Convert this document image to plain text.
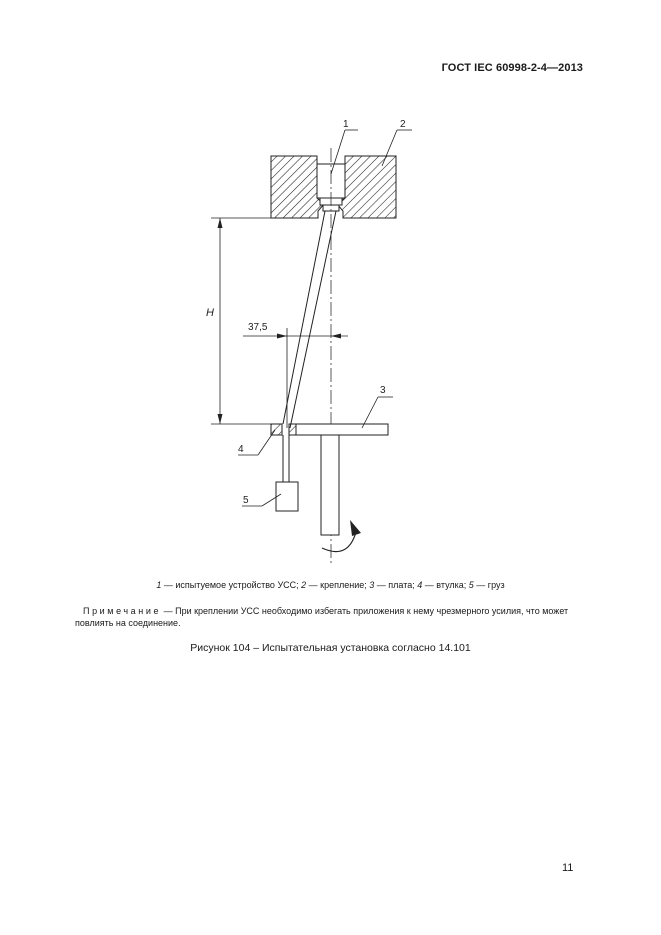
ГОСТ IEC 60998-2-4—2013
H
37,5
1	2
3
4
5
1 — испытуемое устройство УСС; 2 — крепление; 3 — плата; 4 — втулка; 5 — груз
Примечание — При креплении УСС необходимо избегать приложения к нему чрезмерного усилия, что может повлиять на соединение.
Рисунок 104 – Испытательная установка согласно 14.101
11
